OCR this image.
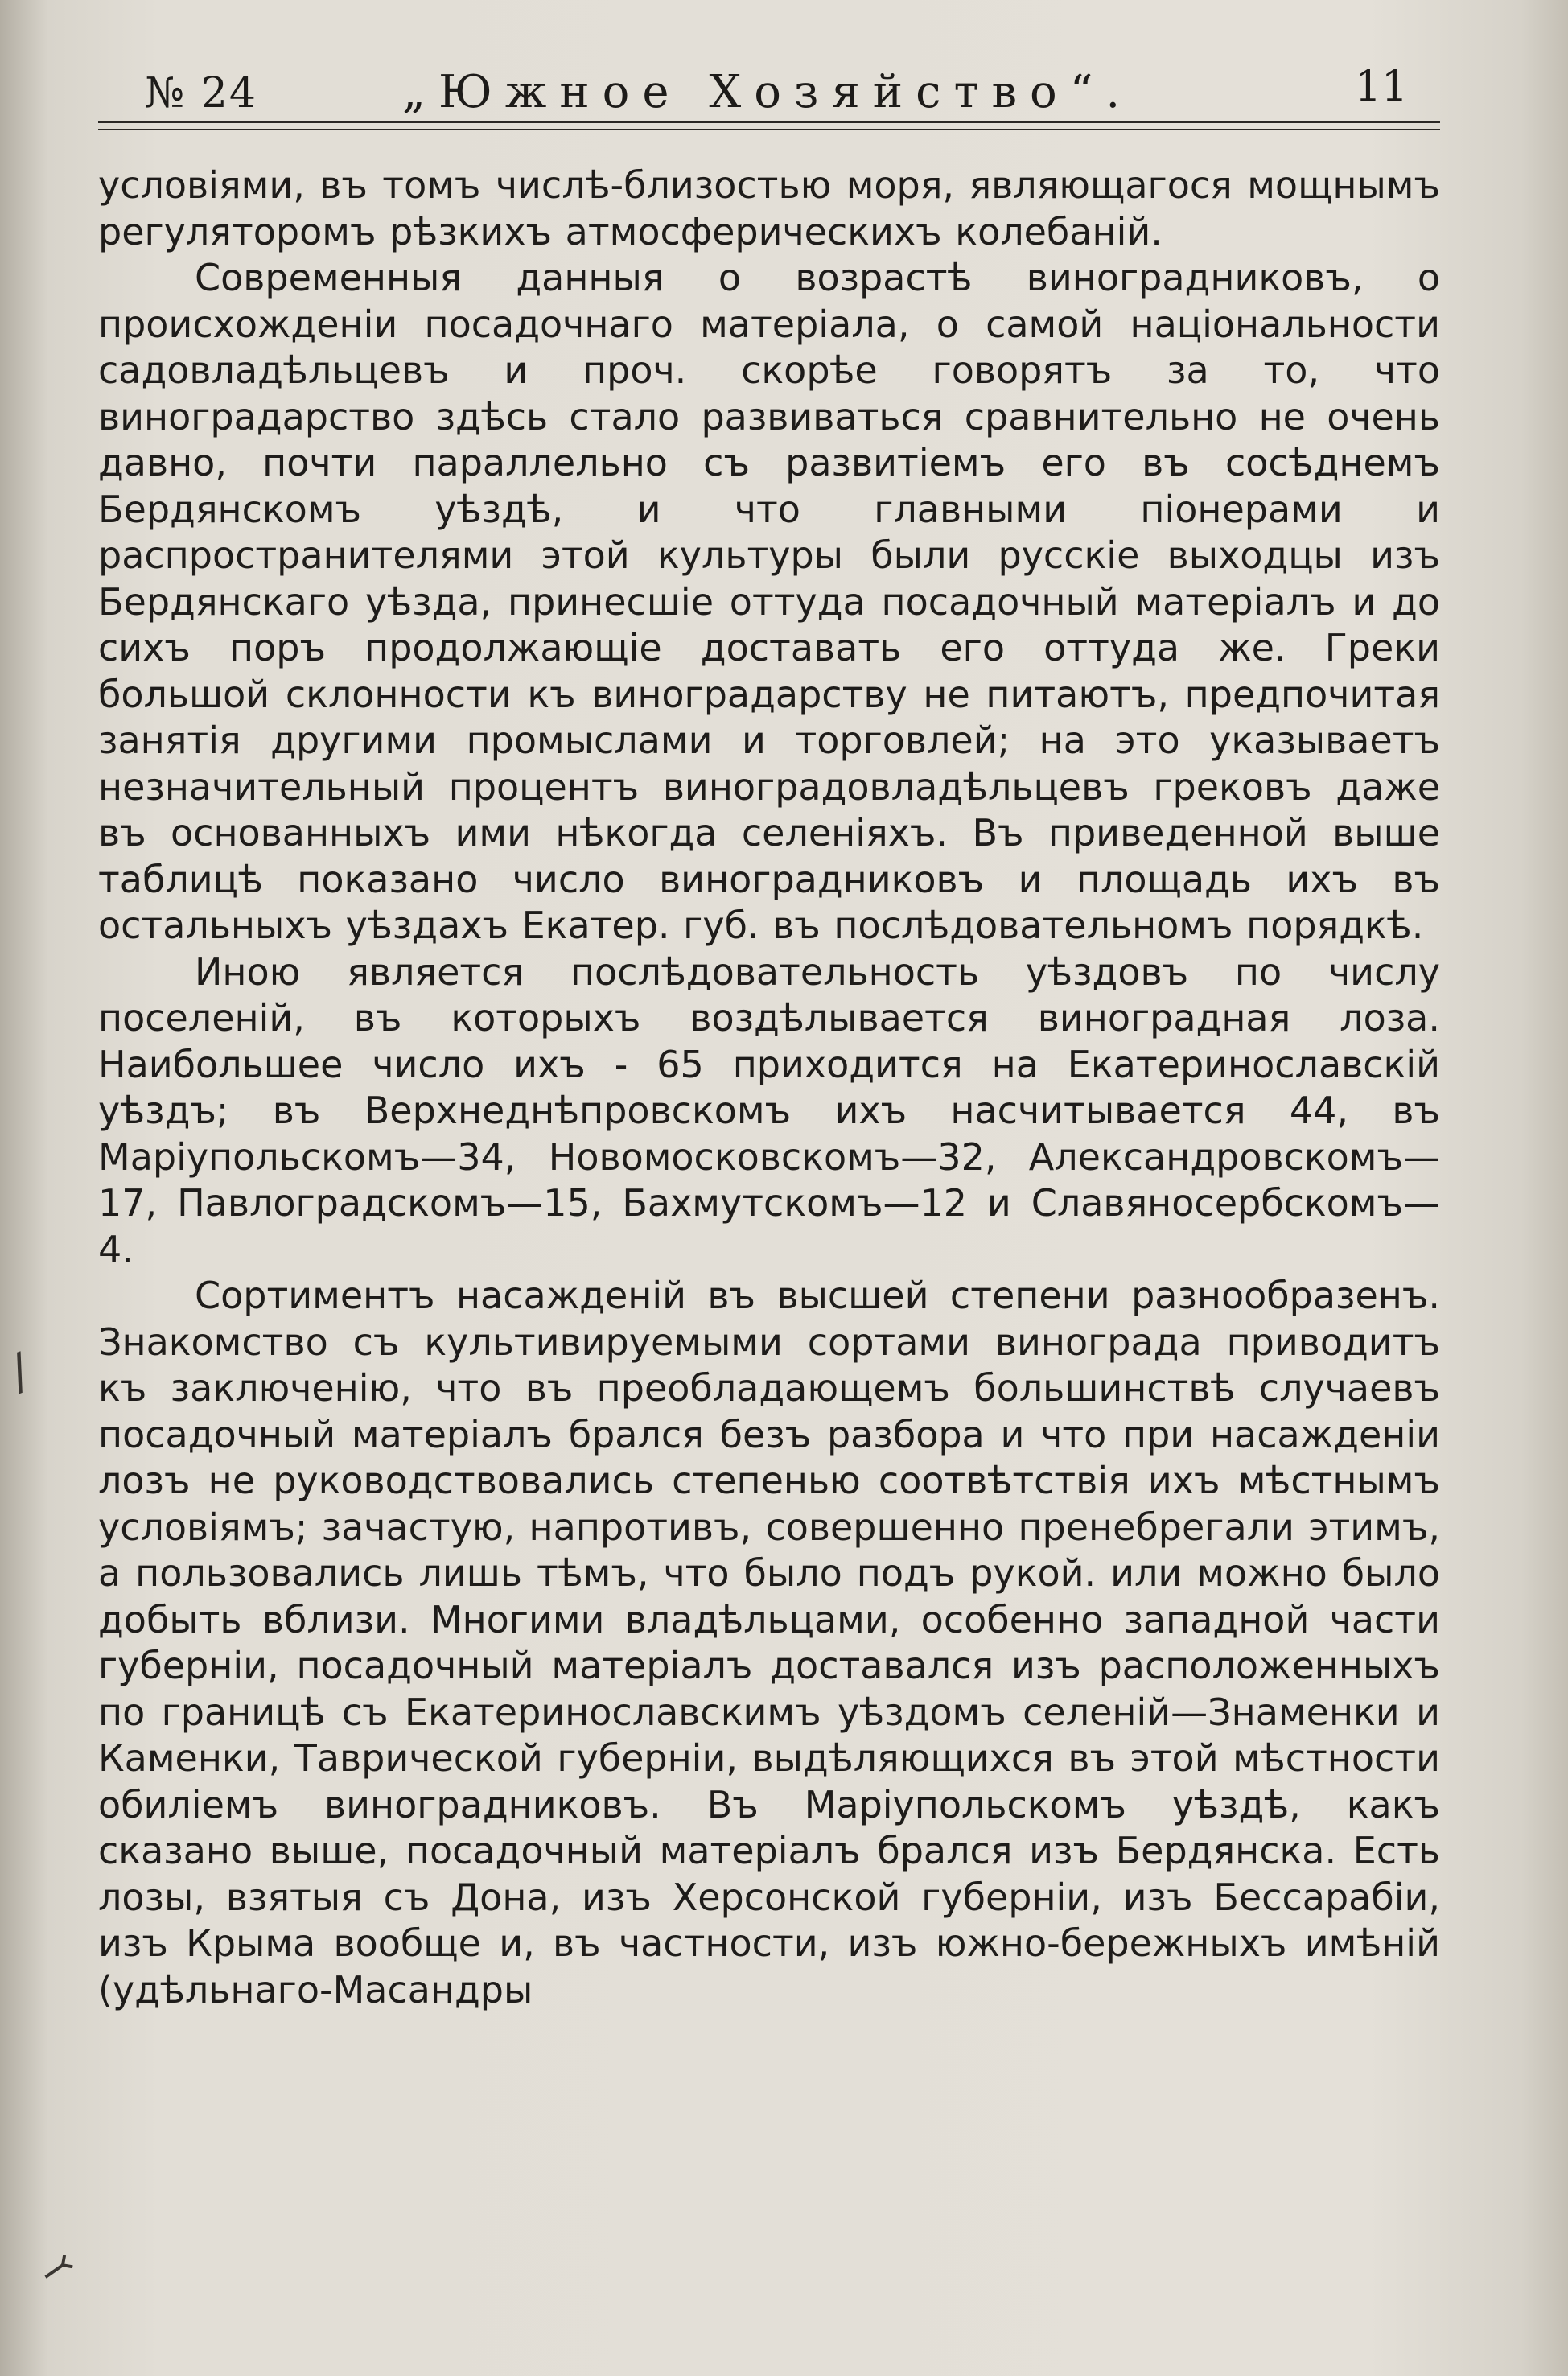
№ 24	„Южное Хозяйство“.	11

условіями, въ томъ числѣ-близостью моря, являющагося мощнымъ регуляторомъ рѣзкихъ атмосферическихъ колебаній.

Современныя данныя о возрастѣ виноградниковъ, о происхожденіи посадочнаго матеріала, о самой національности садовладѣльцевъ и проч. скорѣе говорятъ за то, что виноградарство здѣсь стало развиваться сравнительно не очень давно, почти параллельно съ развитіемъ его въ сосѣднемъ Бердянскомъ уѣздѣ, и что главными піонерами и распространителями этой культуры были русскіе выходцы изъ Бердянскаго уѣзда, принесшіе оттуда посадочный матеріалъ и до сихъ поръ продолжающіе доставать его оттуда же. Греки большой склонности къ виноградарству не питаютъ, предпочитая занятія другими промыслами и торговлей; на это указываетъ незначительный процентъ виноградовладѣльцевъ грековъ даже въ основанныхъ ими нѣкогда селеніяхъ. Въ приведенной выше таблицѣ показано число виноградниковъ и площадь ихъ въ остальныхъ уѣздахъ Екатер. губ. въ послѣдовательномъ порядкѣ.

Иною является послѣдовательность уѣздовъ по числу поселеній, въ которыхъ воздѣлывается виноградная лоза. Наибольшее число ихъ - 65 приходится на Екатеринославскій уѣздъ; въ Верхнеднѣпровскомъ ихъ насчитывается 44, въ Маріупольскомъ—34, Новомосковскомъ—32, Александровскомъ—17, Павлоградскомъ—15, Бахмутскомъ—12 и Славяносербскомъ—4.

Сортиментъ насажденій въ высшей степени разнообразенъ. Знакомство съ культивируемыми сортами винограда приводитъ къ заключенію, что въ преобладающемъ большинствѣ случаевъ посадочный матеріалъ брался безъ разбора и что при насажденіи лозъ не руководствовались степенью соотвѣтствія ихъ мѣстнымъ условіямъ; зачастую, напротивъ, совершенно пренебрегали этимъ, а пользовались лишь тѣмъ, что было подъ рукой. или можно было добыть вблизи. Многими владѣльцами, особенно западной части губерніи, посадочный матеріалъ доставался изъ расположенныхъ по границѣ съ Екатеринославскимъ уѣздомъ селеній—Знаменки и Каменки, Таврической губерніи, выдѣляющихся въ этой мѣстности обиліемъ виноградниковъ. Въ Маріупольскомъ уѣздѣ, какъ сказано выше, посадочный матеріалъ брался изъ Бердянска. Есть лозы, взятыя съ Дона, изъ Херсонской губерніи, изъ Бессарабіи, изъ Крыма вообще и, въ частности, изъ южно-бережныхъ имѣній (удѣльнаго-Масандры

/
⤙
